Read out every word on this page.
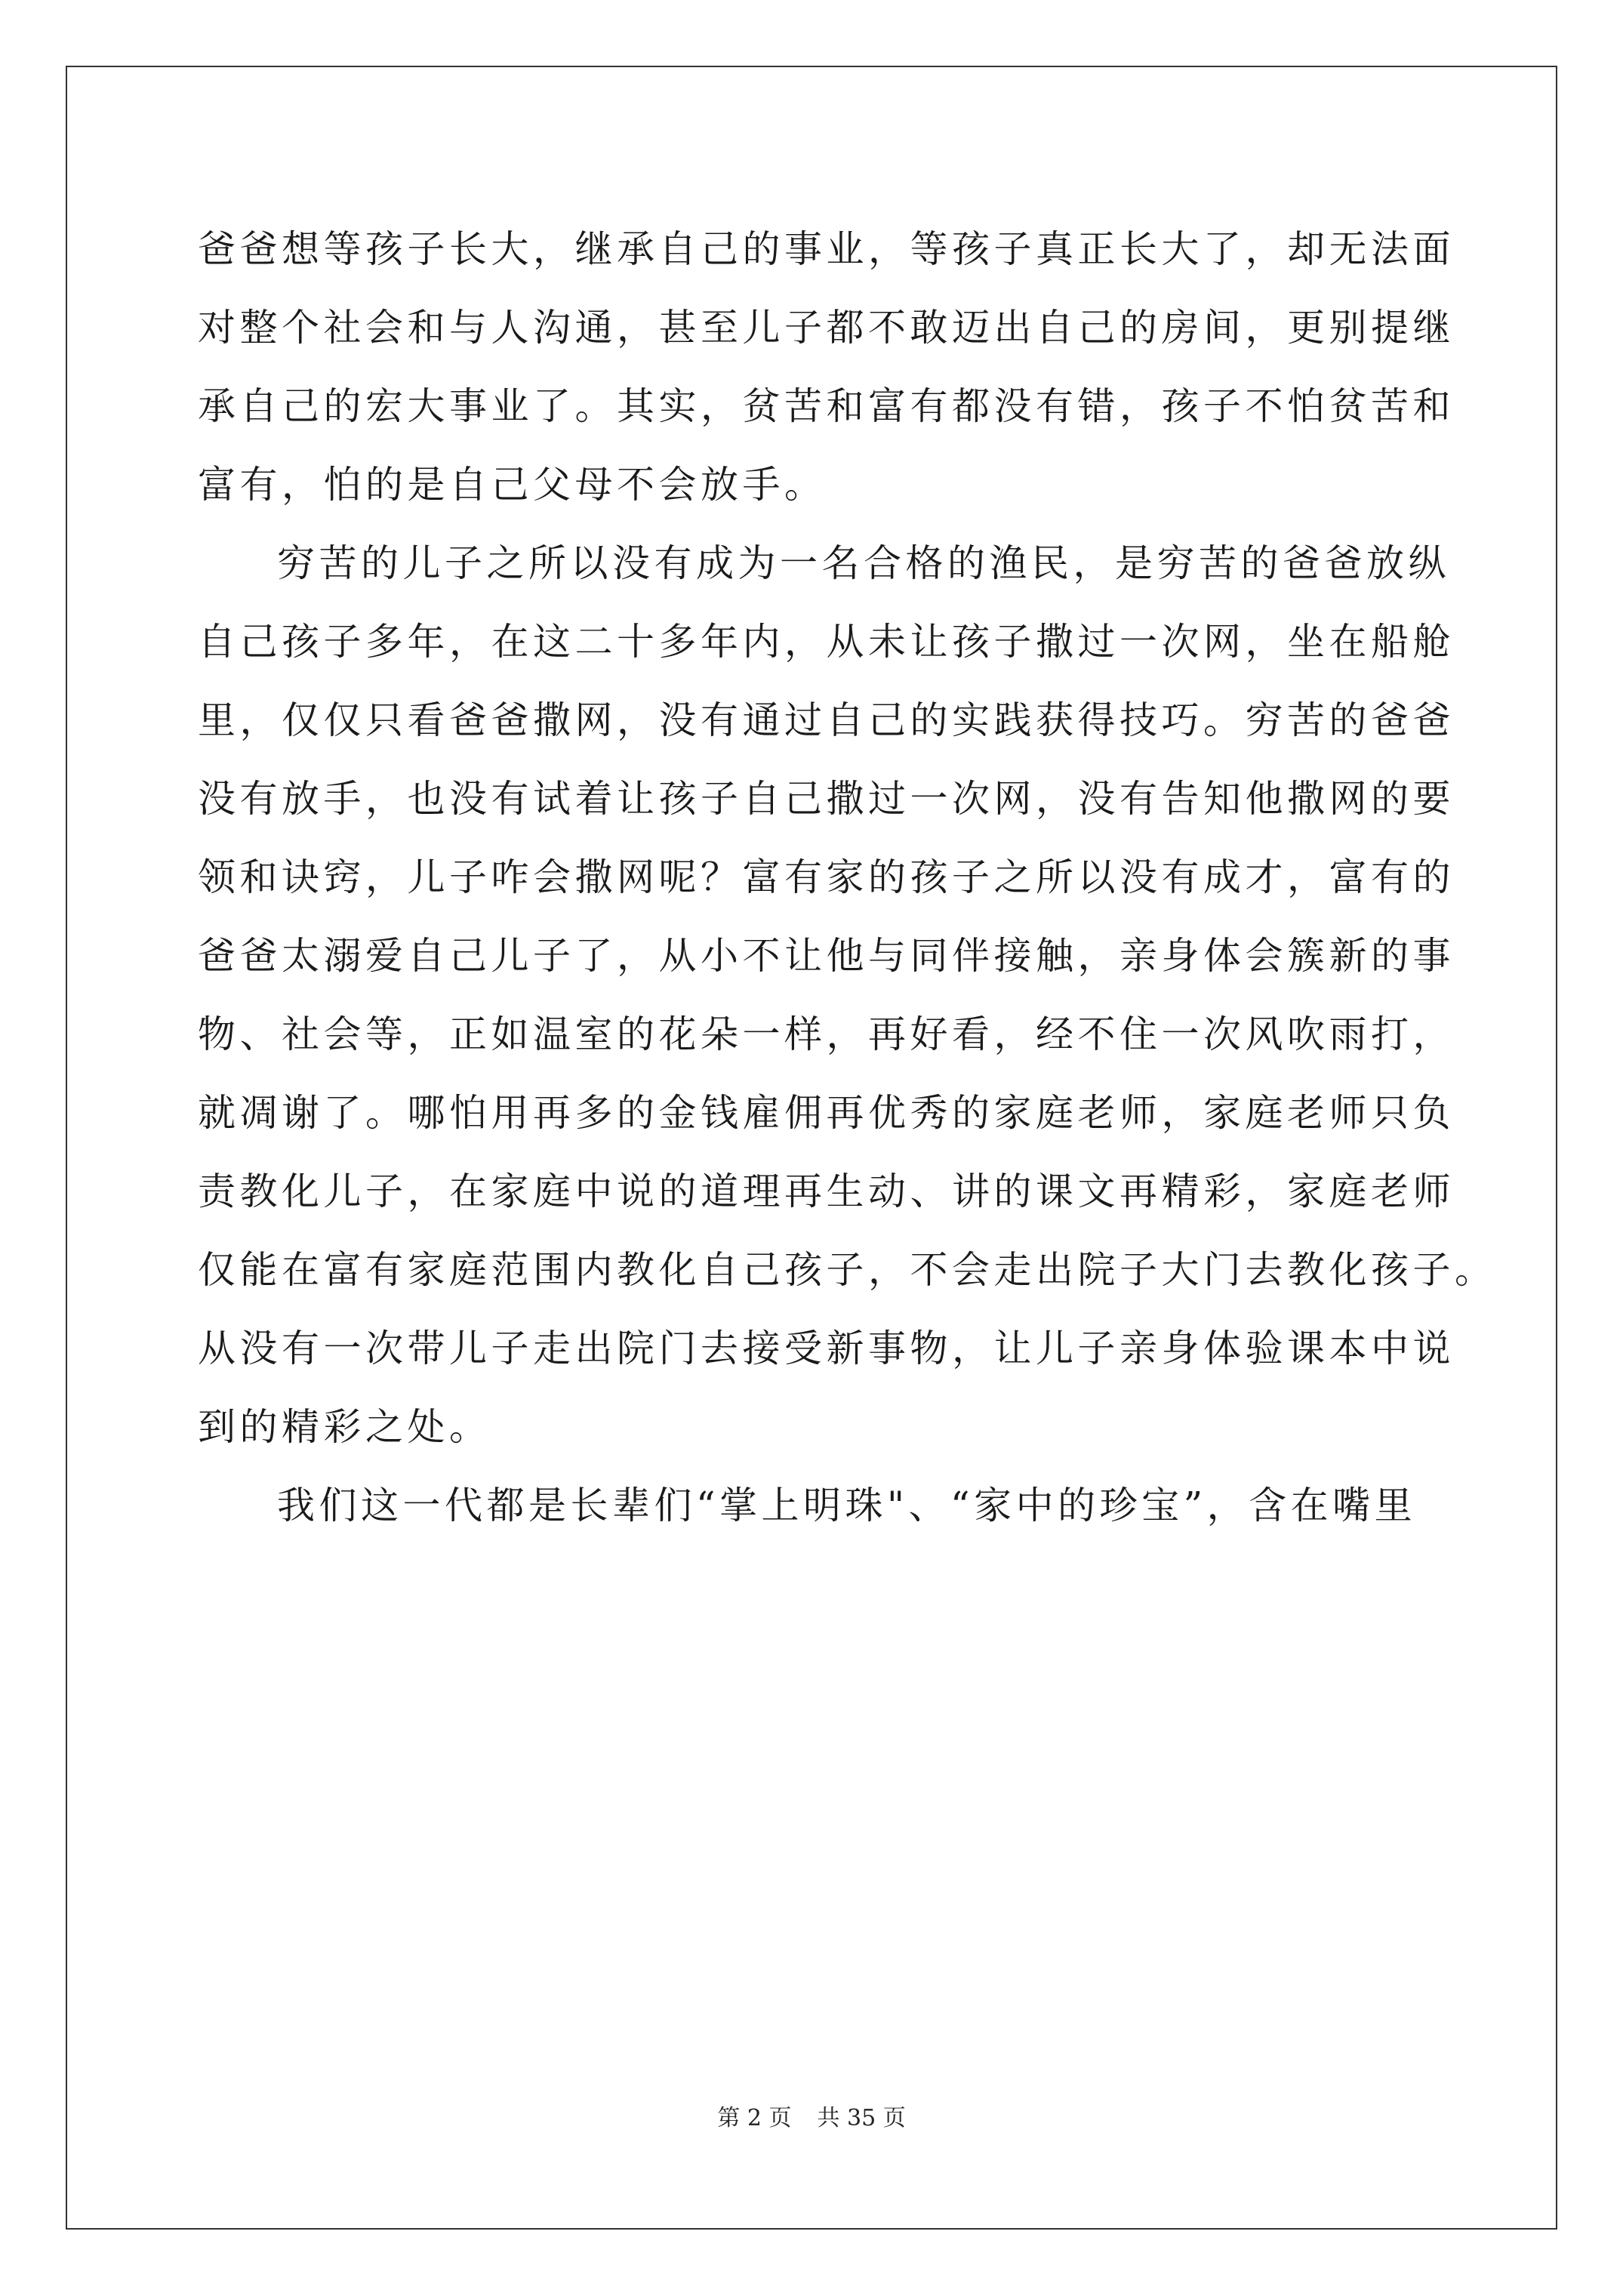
爸爸想等孩子长大，继承自己的事业，等孩子真正长大了，却无法面
对整个社会和与人沟通，甚至儿子都不敢迈出自己的房间，更别提继
承自己的宏大事业了。其实，贫苦和富有都没有错，孩子不怕贫苦和
富有，怕的是自己父母不会放手。
穷苦的儿子之所以没有成为一名合格的渔民，是穷苦的爸爸放纵
自己孩子多年，在这二十多年内，从未让孩子撒过一次网，坐在船舱
里，仅仅只看爸爸撒网，没有通过自己的实践获得技巧。穷苦的爸爸
没有放手，也没有试着让孩子自己撒过一次网，没有告知他撒网的要
领和诀窍，儿子咋会撒网呢？富有家的孩子之所以没有成才，富有的
爸爸太溺爱自己儿子了，从小不让他与同伴接触，亲身体会簇新的事
物、社会等，正如温室的花朵一样，再好看，经不住一次风吹雨打，
就凋谢了。哪怕用再多的金钱雇佣再优秀的家庭老师，家庭老师只负
责教化儿子，在家庭中说的道理再生动、讲的课文再精彩，家庭老师
仅能在富有家庭范围内教化自己孩子，不会走出院子大门去教化孩子。
从没有一次带儿子走出院门去接受新事物，让儿子亲身体验课本中说
到的精彩之处。
我们这一代都是长辈们“掌上明珠"、“家中的珍宝”，含在嘴里
第 2 页 共 35 页
